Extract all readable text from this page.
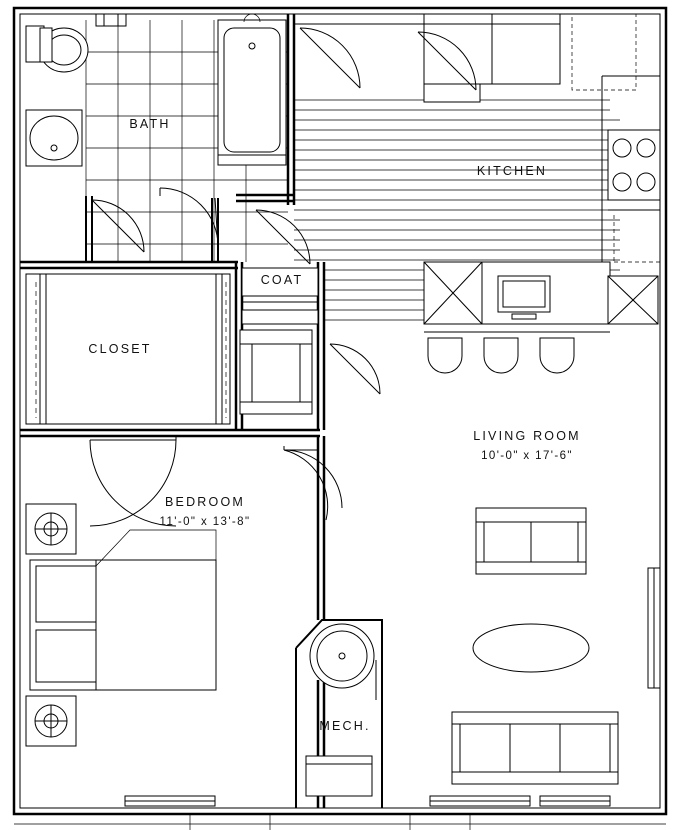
BATH
KITCHEN
COAT
CLOSET
LIVING ROOM
10'-0" x 17'-6"
BEDROOM
11'-0" x 13'-8"
MECH.
